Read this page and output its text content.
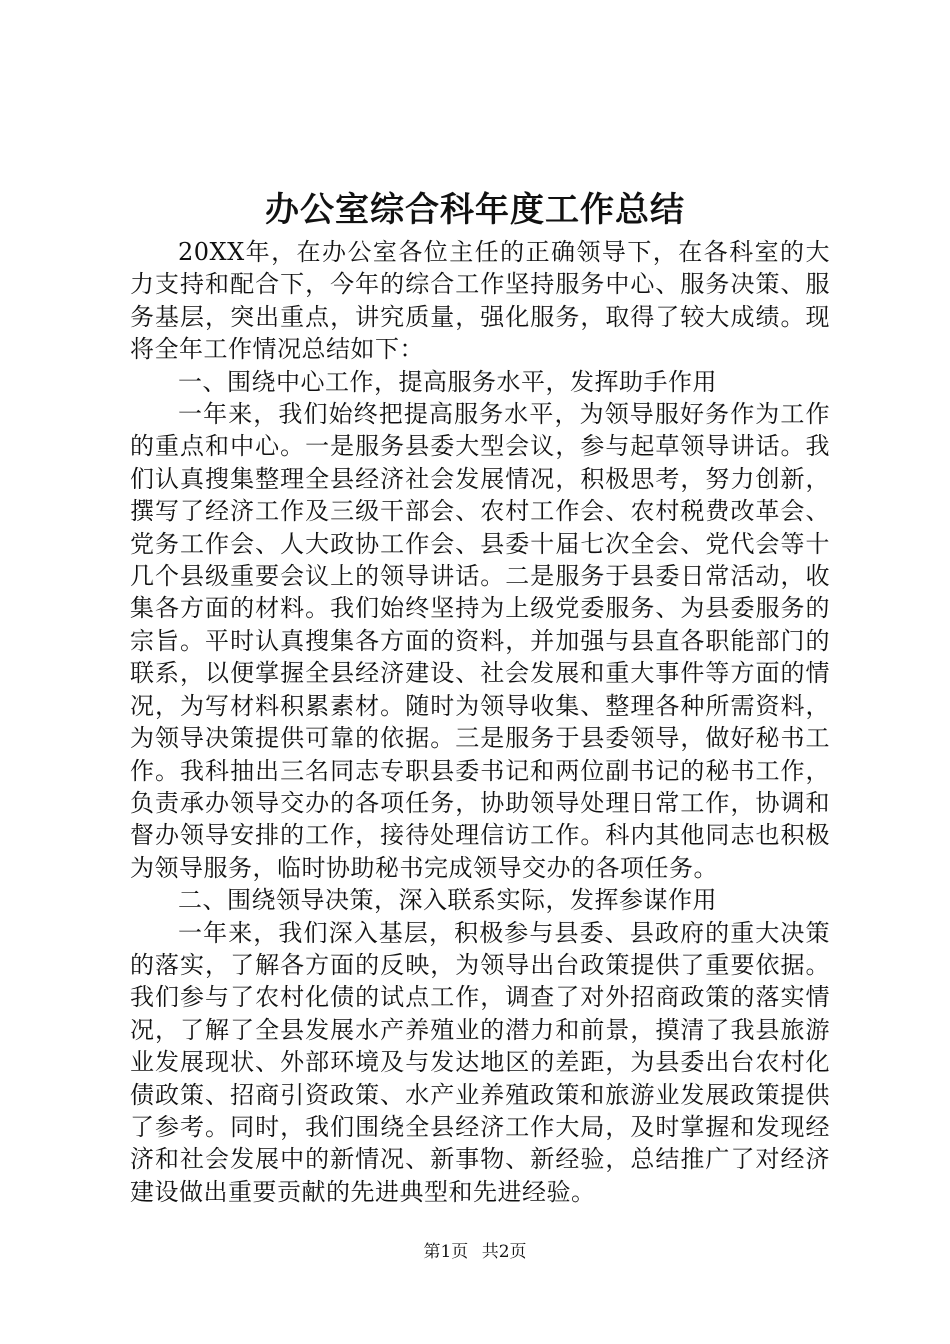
办公室综合科年度工作总结

20XX年，在办公室各位主任的正确领导下，在各科室的大力支持和配合下，今年的综合工作坚持服务中心、服务决策、服务基层，突出重点，讲究质量，强化服务，取得了较大成绩。现将全年工作情况总结如下：

一、围绕中心工作，提高服务水平，发挥助手作用

一年来，我们始终把提高服务水平，为领导服好务作为工作的重点和中心。一是服务县委大型会议，参与起草领导讲话。我们认真搜集整理全县经济社会发展情况，积极思考，努力创新，撰写了经济工作及三级干部会、农村工作会、农村税费改革会、党务工作会、人大政协工作会、县委十届七次全会、党代会等十几个县级重要会议上的领导讲话。二是服务于县委日常活动，收集各方面的材料。我们始终坚持为上级党委服务、为县委服务的宗旨。平时认真搜集各方面的资料，并加强与县直各职能部门的联系，以便掌握全县经济建设、社会发展和重大事件等方面的情况，为写材料积累素材。随时为领导收集、整理各种所需资料，为领导决策提供可靠的依据。三是服务于县委领导，做好秘书工作。我科抽出三名同志专职县委书记和两位副书记的秘书工作，负责承办领导交办的各项任务，协助领导处理日常工作，协调和督办领导安排的工作，接待处理信访工作。科内其他同志也积极为领导服务，临时协助秘书完成领导交办的各项任务。

二、围绕领导决策，深入联系实际，发挥参谋作用

一年来，我们深入基层，积极参与县委、县政府的重大决策的落实，了解各方面的反映，为领导出台政策提供了重要依据。我们参与了农村化债的试点工作，调查了对外招商政策的落实情况，了解了全县发展水产养殖业的潜力和前景，摸清了我县旅游业发展现状、外部环境及与发达地区的差距，为县委出台农村化债政策、招商引资政策、水产业养殖政策和旅游业发展政策提供了参考。同时，我们围绕全县经济工作大局，及时掌握和发现经济和社会发展中的新情况、新事物、新经验，总结推广了对经济建设做出重要贡献的先进典型和先进经验。

第1页 共2页
